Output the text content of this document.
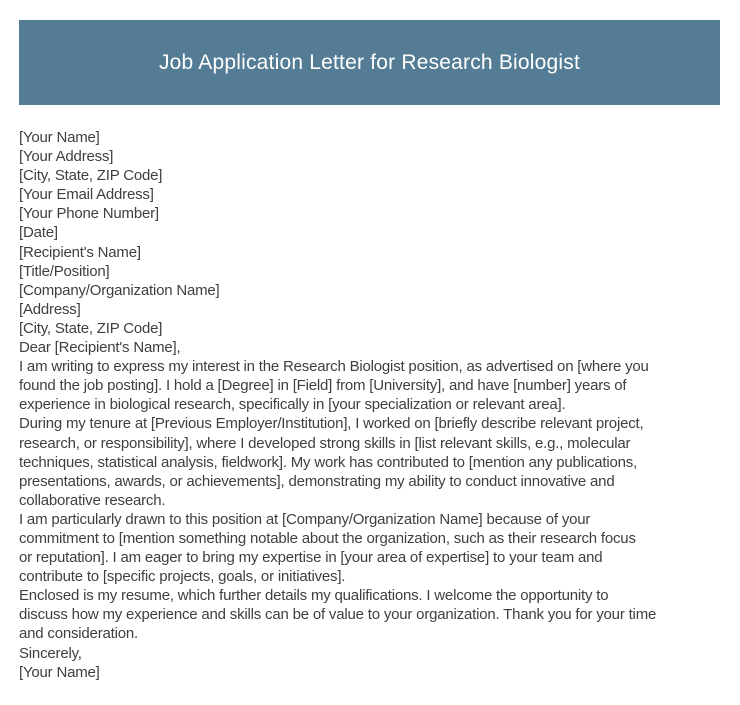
Job Application Letter for Research Biologist
[Your Name]
[Your Address]
[City, State, ZIP Code]
[Your Email Address]
[Your Phone Number]
[Date]
[Recipient's Name]
[Title/Position]
[Company/Organization Name]
[Address]
[City, State, ZIP Code]
Dear [Recipient's Name],
I am writing to express my interest in the Research Biologist position, as advertised on [where you
found the job posting]. I hold a [Degree] in [Field] from [University], and have [number] years of
experience in biological research, specifically in [your specialization or relevant area].
During my tenure at [Previous Employer/Institution], I worked on [briefly describe relevant project,
research, or responsibility], where I developed strong skills in [list relevant skills, e.g., molecular
techniques, statistical analysis, fieldwork]. My work has contributed to [mention any publications,
presentations, awards, or achievements], demonstrating my ability to conduct innovative and
collaborative research.
I am particularly drawn to this position at [Company/Organization Name] because of your
commitment to [mention something notable about the organization, such as their research focus
or reputation]. I am eager to bring my expertise in [your area of expertise] to your team and
contribute to [specific projects, goals, or initiatives].
Enclosed is my resume, which further details my qualifications. I welcome the opportunity to
discuss how my experience and skills can be of value to your organization. Thank you for your time
and consideration.
Sincerely,
[Your Name]
